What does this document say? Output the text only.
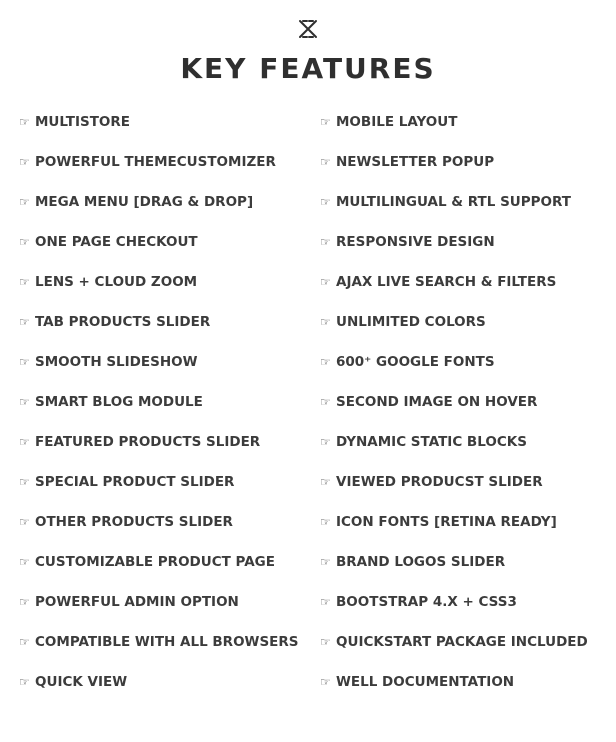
KEY FEATURES
☞ MULTISTORE
☞ POWERFUL THEMECUSTOMIZER
☞ MEGA MENU [DRAG & DROP]
☞ ONE PAGE CHECKOUT
☞ LENS + CLOUD ZOOM
☞ TAB PRODUCTS SLIDER
☞ SMOOTH SLIDESHOW
☞ SMART BLOG MODULE
☞ FEATURED PRODUCTS SLIDER
☞ SPECIAL PRODUCT SLIDER
☞ OTHER PRODUCTS SLIDER
☞ CUSTOMIZABLE PRODUCT PAGE
☞ POWERFUL ADMIN OPTION
☞ COMPATIBLE WITH ALL BROWSERS
☞ QUICK VIEW
☞ MOBILE LAYOUT
☞ NEWSLETTER POPUP
☞ MULTILINGUAL & RTL SUPPORT
☞ RESPONSIVE DESIGN
☞ AJAX LIVE SEARCH & FILTERS
☞ UNLIMITED COLORS
☞ 600⁺ GOOGLE FONTS
☞ SECOND IMAGE ON HOVER
☞ DYNAMIC STATIC BLOCKS
☞ VIEWED PRODUCST SLIDER
☞ ICON FONTS [RETINA READY]
☞ BRAND LOGOS SLIDER
☞ BOOTSTRAP 4.X + CSS3
☞ QUICKSTART PACKAGE INCLUDED
☞ WELL DOCUMENTATION
